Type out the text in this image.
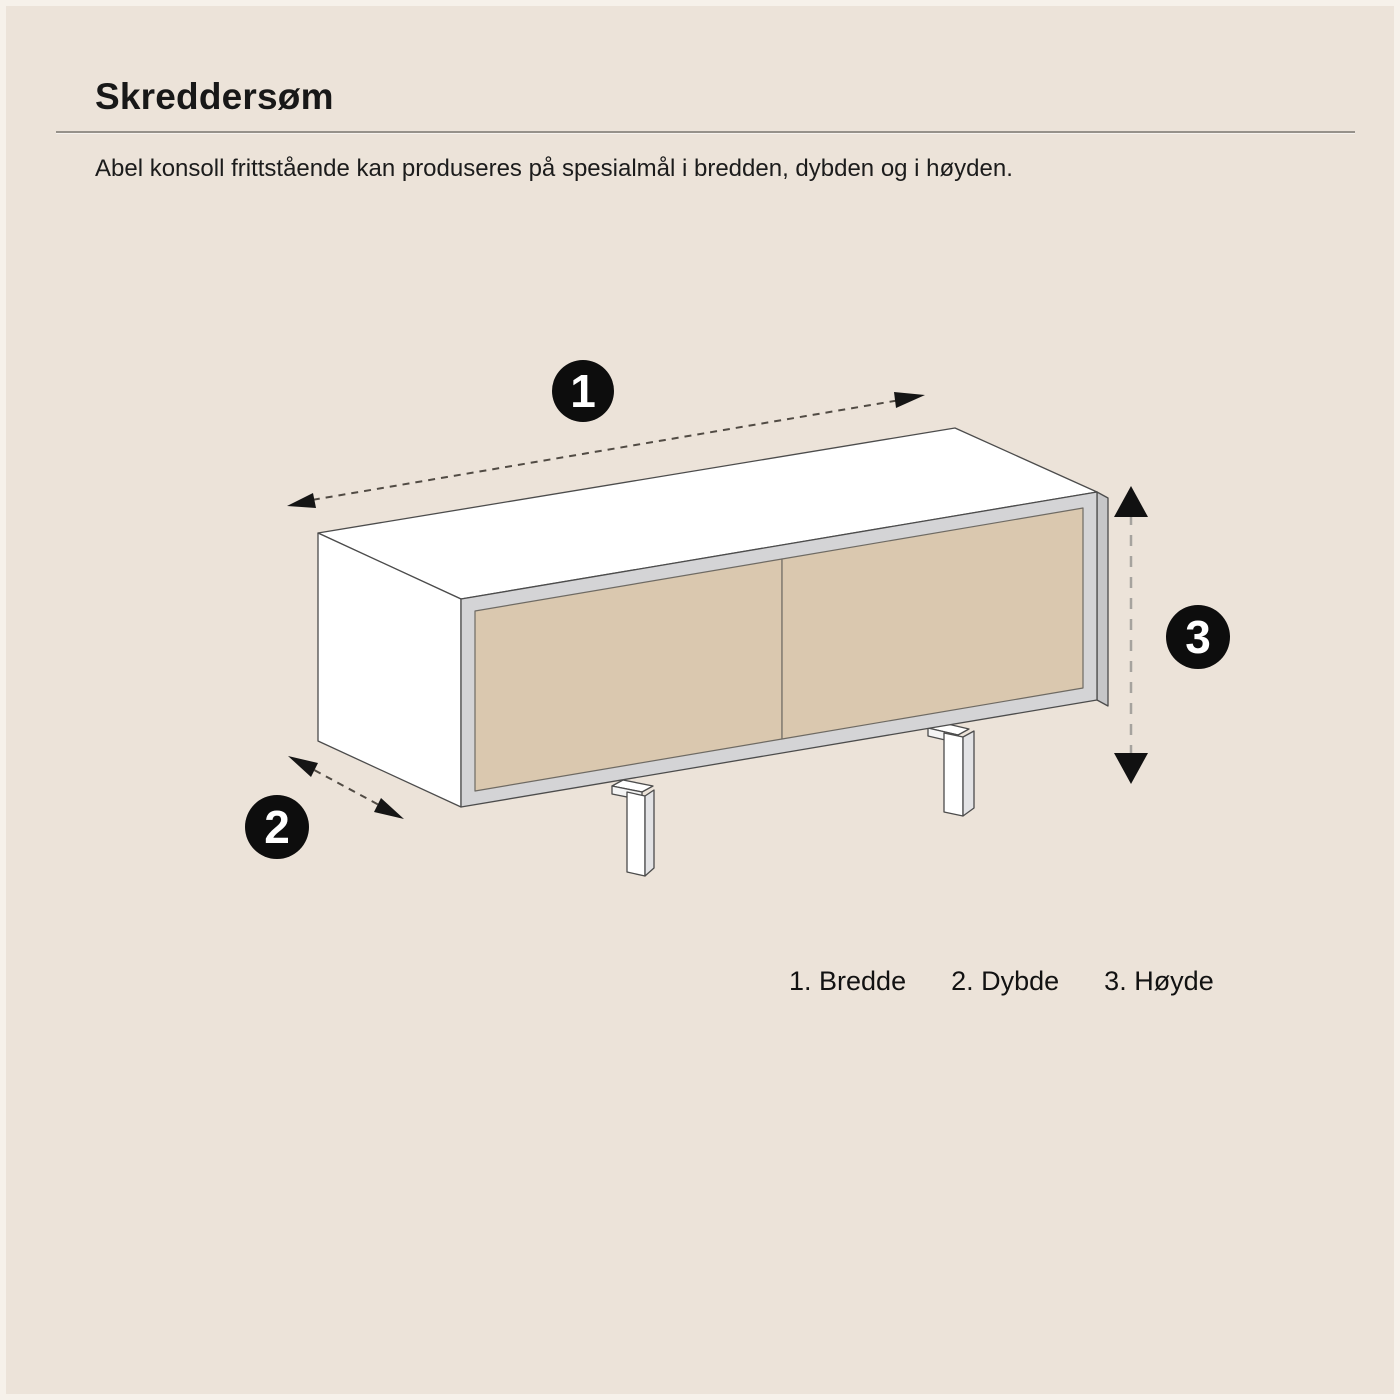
Skreddersøm

Abel konsoll frittstående kan produseres på spesialmål i bredden, dybden og i høyden.

1
2
3
1. Bredde 2. Dybde 3. Høyde
